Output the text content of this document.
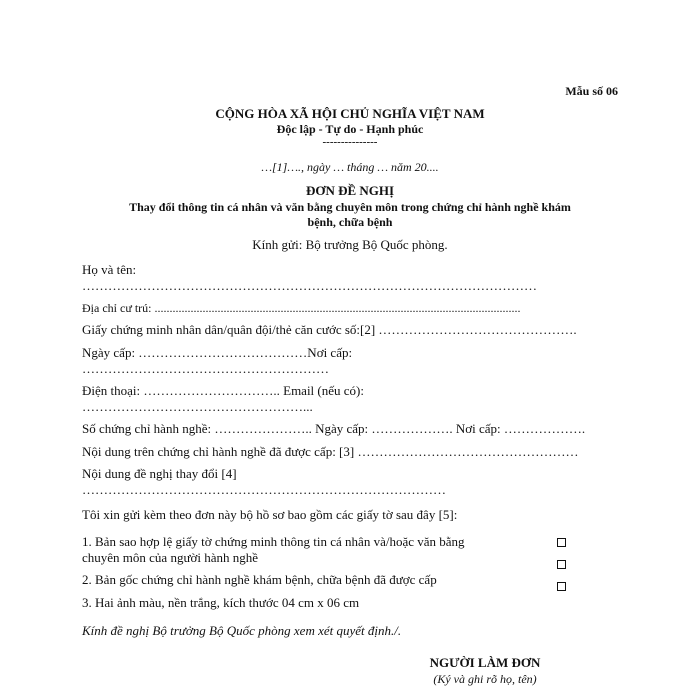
Mẫu số 06
CỘNG HÒA XÃ HỘI CHỦ NGHĨA VIỆT NAM
Độc lập - Tự do - Hạnh phúc
---------------
…[1]…., ngày … tháng … năm 20....
ĐƠN ĐỀ NGHỊ
Thay đổi thông tin cá nhân và văn bằng chuyên môn trong chứng chỉ hành nghề khám
bệnh, chữa bệnh
Kính gửi: Bộ trưởng Bộ Quốc phòng.
Họ và tên:
……………………………………………………………………………………………
Địa chỉ cư trú: ..........................................................................................................................
Giấy chứng minh nhân dân/quân đội/thẻ căn cước số:[2] ……………………………………….
Ngày cấp: …………………………………Nơi cấp:
…………………………………………………
Điện thoại: ………………………….. Email (nếu có):
……………………………………………...
Số chứng chỉ hành nghề: ………………….. Ngày cấp: ………………. Nơi cấp: ……………….
Nội dung trên chứng chỉ hành nghề đã được cấp: [3] ……………………………………………
Nội dung đề nghị thay đổi [4]
…………………………………………………………………………
Tôi xin gửi kèm theo đơn này bộ hồ sơ bao gồm các giấy tờ sau đây [5]:
1. Bản sao hợp lệ giấy tờ chứng minh thông tin cá nhân và/hoặc văn bằng
chuyên môn của người hành nghề
2. Bản gốc chứng chỉ hành nghề khám bệnh, chữa bệnh đã được cấp
3. Hai ảnh màu, nền trắng, kích thước 04 cm x 06 cm
Kính đề nghị Bộ trưởng Bộ Quốc phòng xem xét quyết định./.
NGƯỜI LÀM ĐƠN
(Ký và ghi rõ họ, tên)
